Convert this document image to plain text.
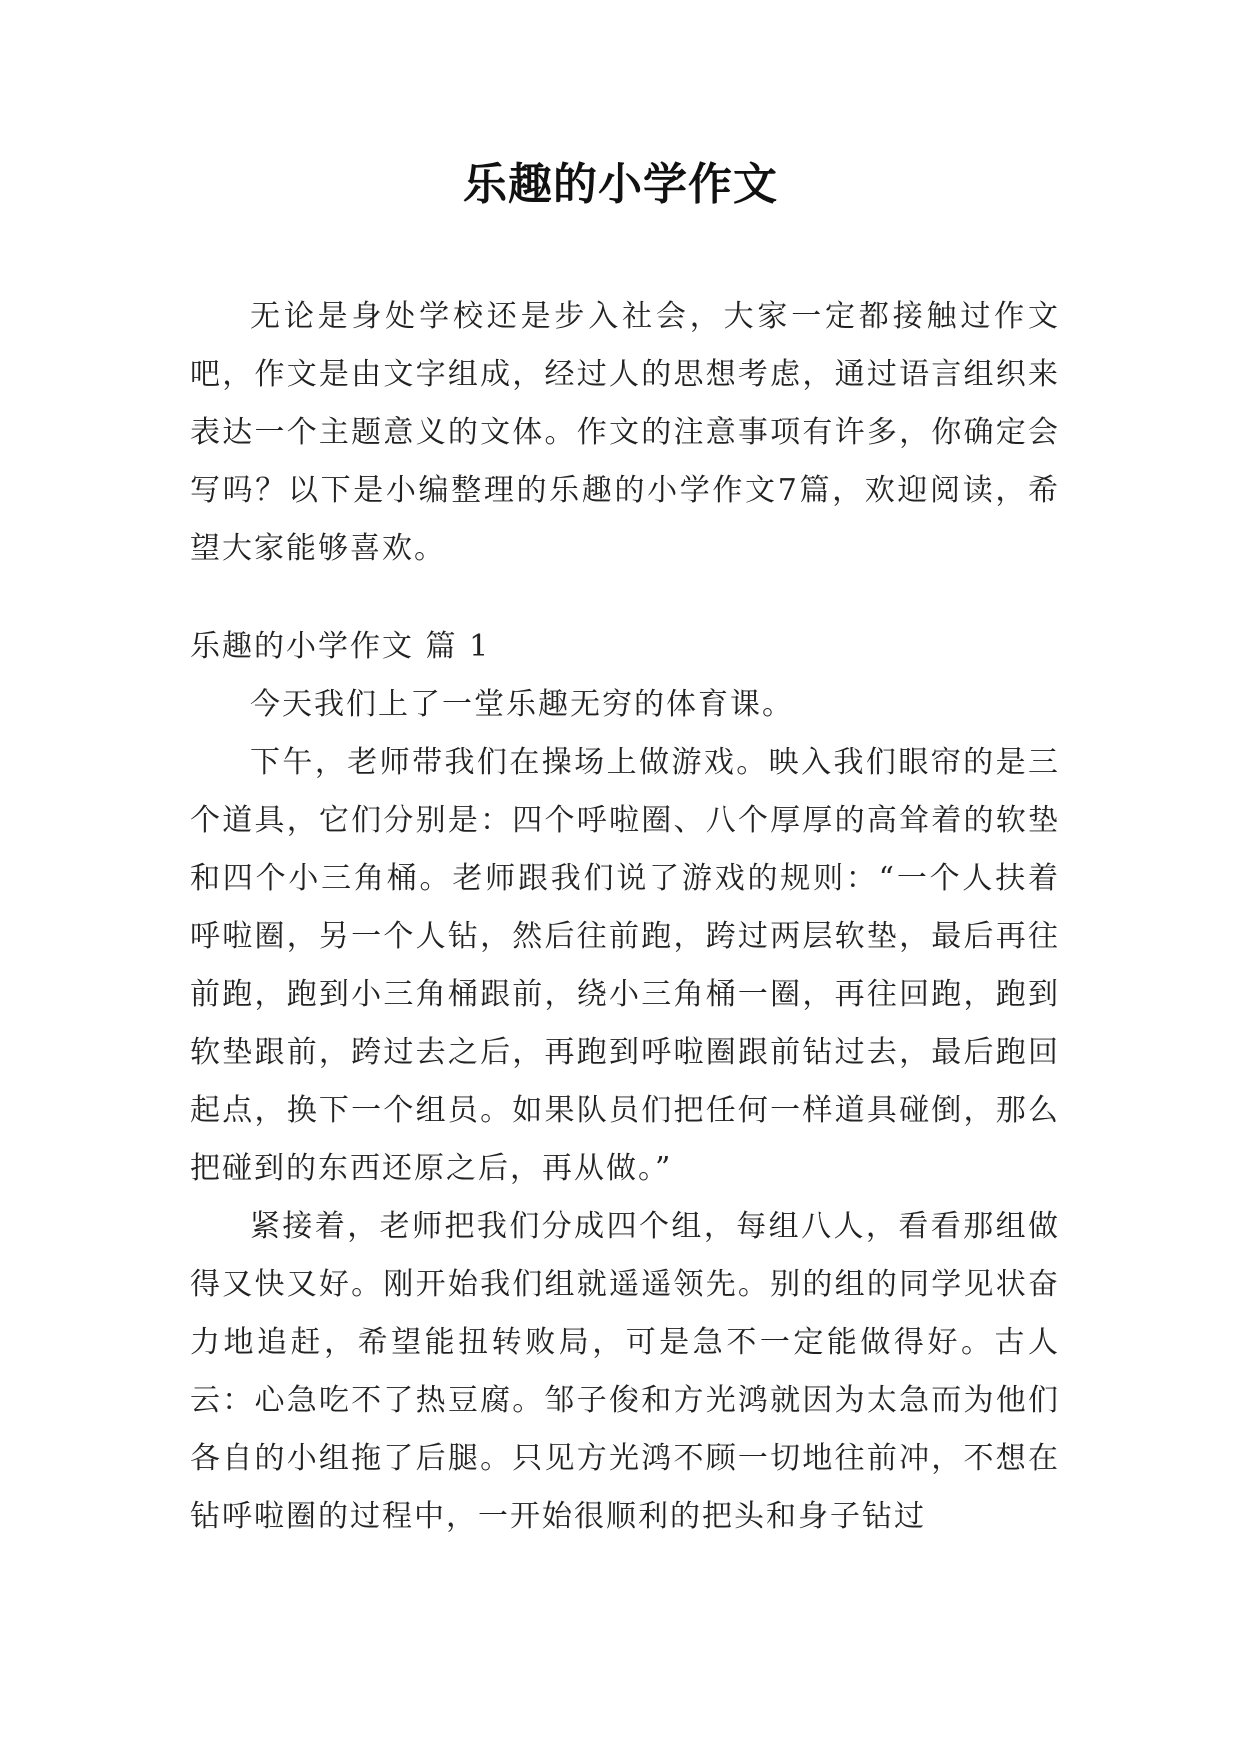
乐趣的小学作文

无论是身处学校还是步入社会，大家一定都接触过作文吧，作文是由文字组成，经过人的思想考虑，通过语言组织来表达一个主题意义的文体。作文的注意事项有许多，你确定会写吗？以下是小编整理的乐趣的小学作文7篇，欢迎阅读，希望大家能够喜欢。

乐趣的小学作文 篇 1

今天我们上了一堂乐趣无穷的体育课。

下午，老师带我们在操场上做游戏。映入我们眼帘的是三个道具，它们分别是：四个呼啦圈、八个厚厚的高耸着的软垫和四个小三角桶。老师跟我们说了游戏的规则：“一个人扶着呼啦圈，另一个人钻，然后往前跑，跨过两层软垫，最后再往前跑，跑到小三角桶跟前，绕小三角桶一圈，再往回跑，跑到软垫跟前，跨过去之后，再跑到呼啦圈跟前钻过去，最后跑回起点，换下一个组员。如果队员们把任何一样道具碰倒，那么把碰到的东西还原之后，再从做。”

紧接着，老师把我们分成四个组，每组八人，看看那组做得又快又好。刚开始我们组就遥遥领先。别的组的同学见状奋力地追赶，希望能扭转败局，可是急不一定能做得好。古人云：心急吃不了热豆腐。邹子俊和方光鸿就因为太急而为他们各自的小组拖了后腿。只见方光鸿不顾一切地往前冲，不想在钻呼啦圈的过程中，一开始很顺利的把头和身子钻过
